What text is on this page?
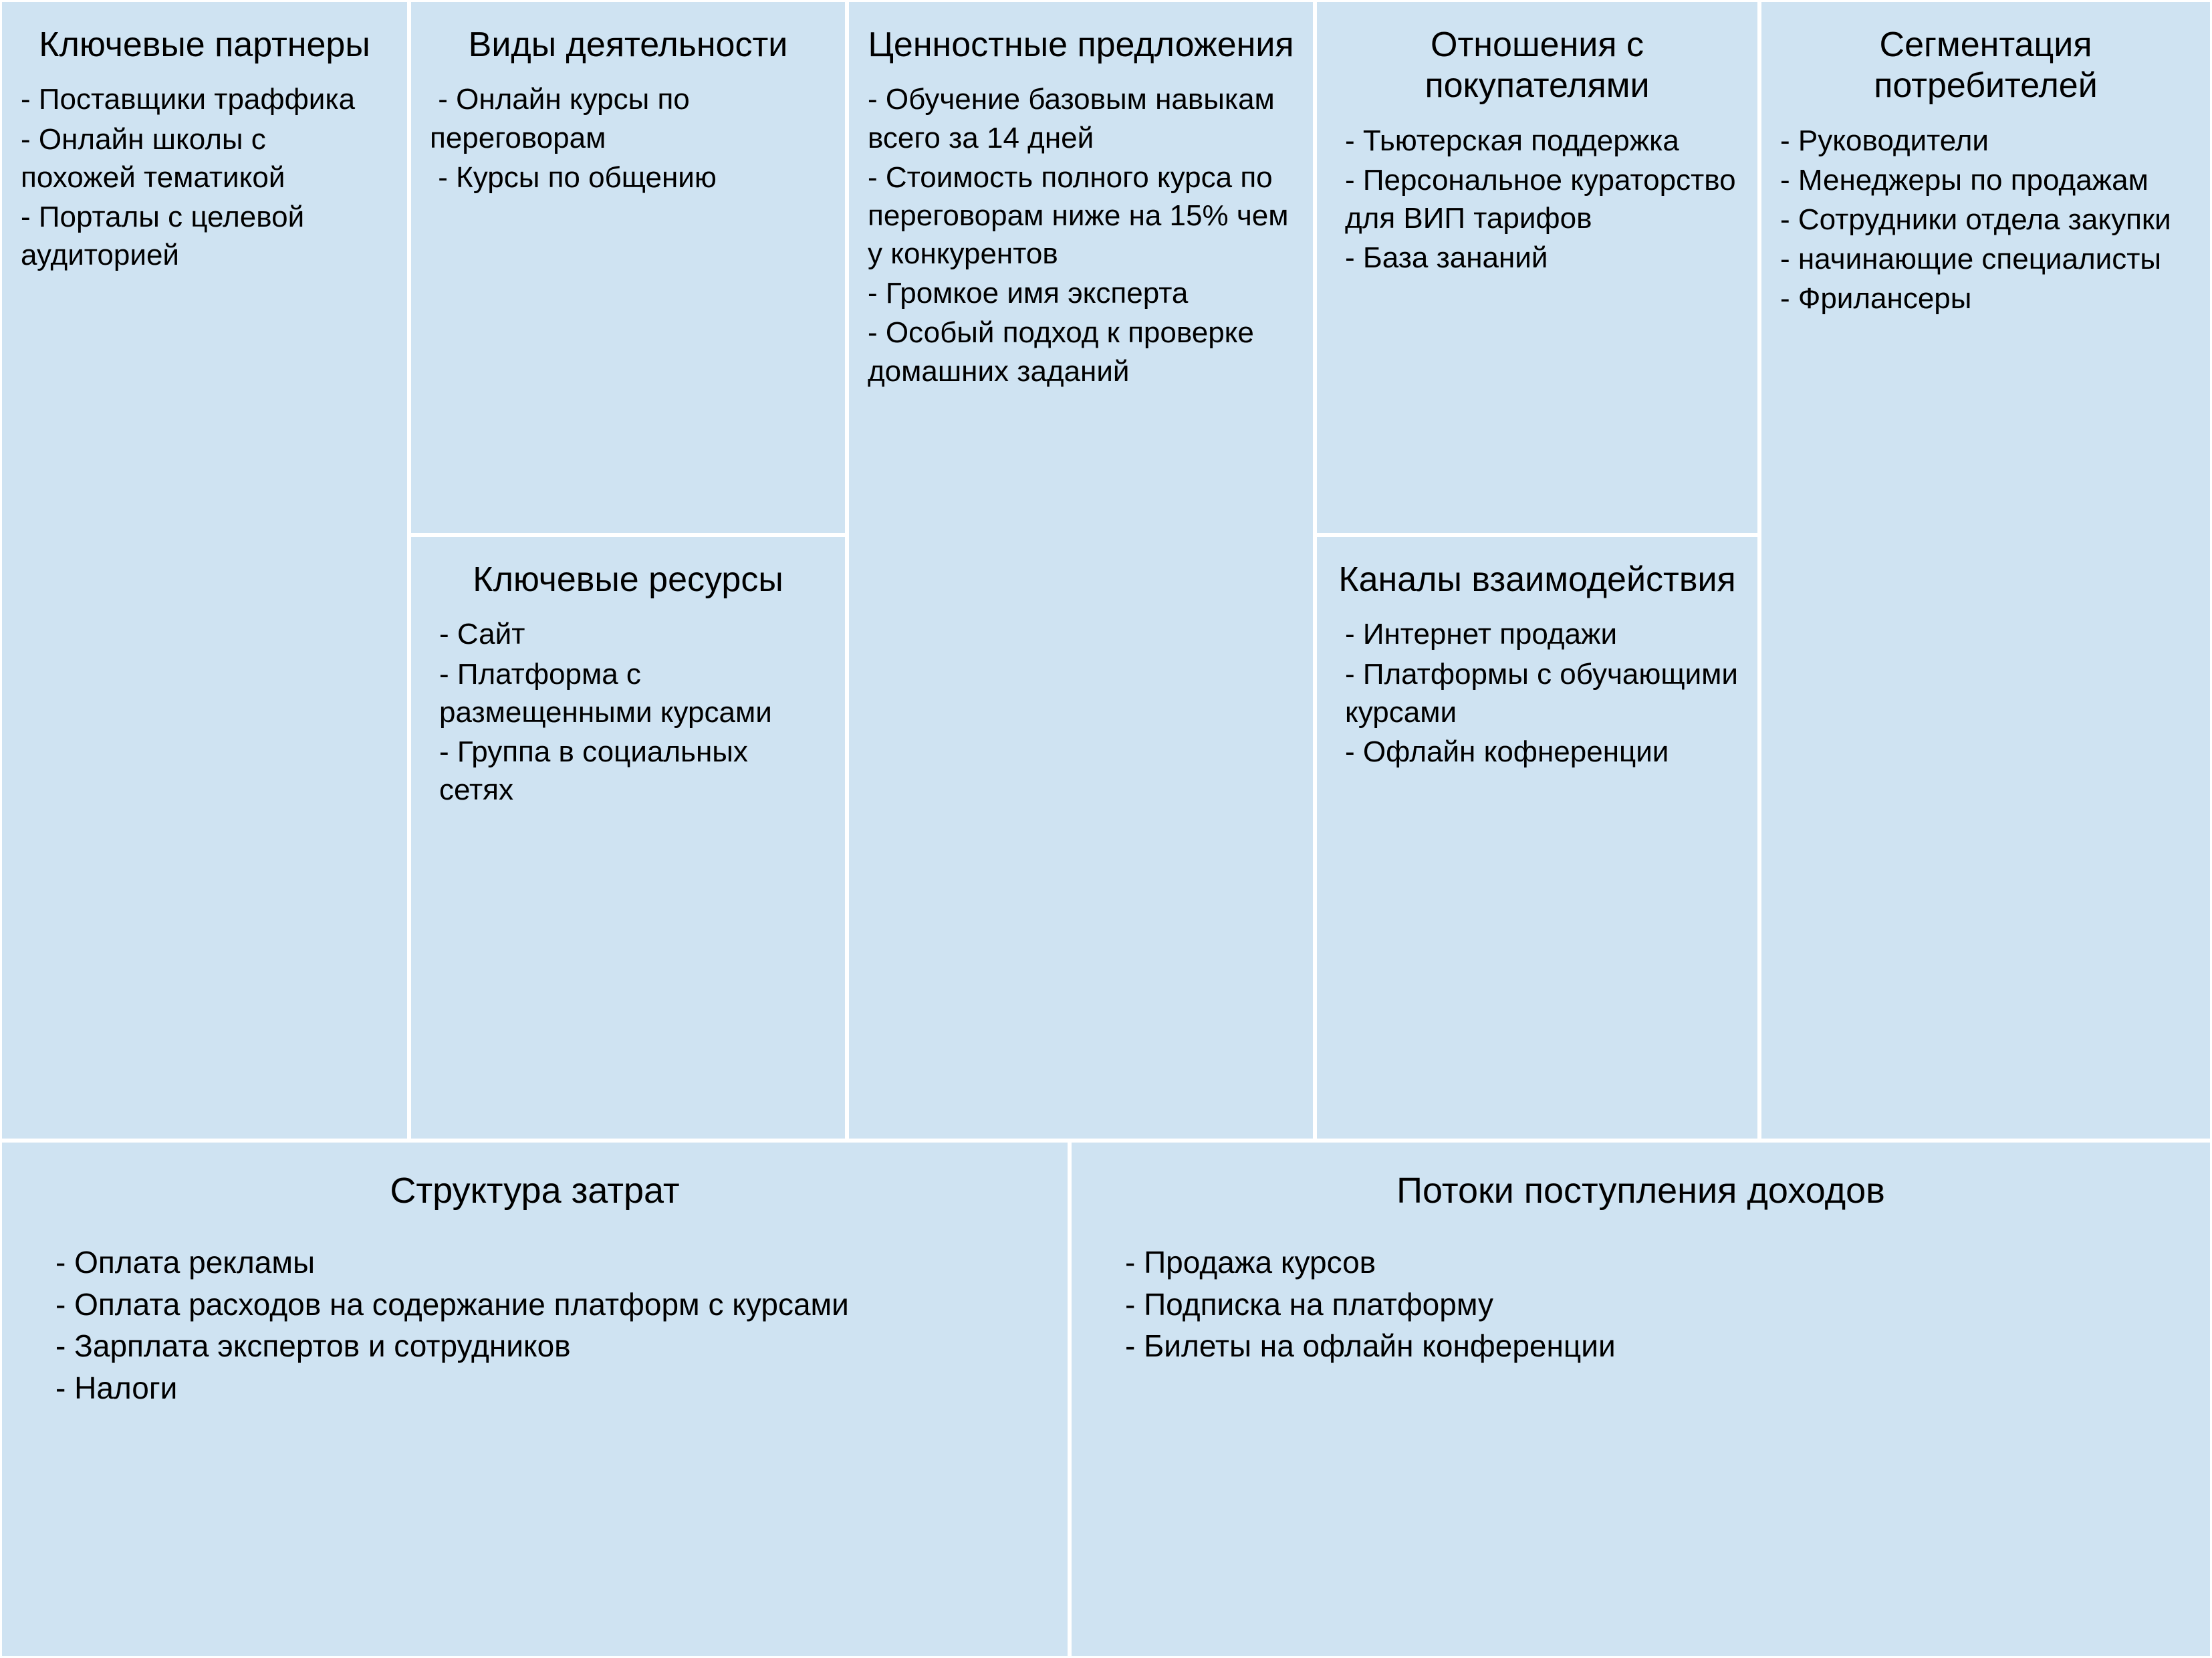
Ключевые партнеры
- Поставщики траффика
- Онлайн школы с похожей тематикой
- Порталы с целевой аудиторией
Виды деятельности
- Онлайн курсы по переговорам
- Курсы по общению
Ключевые ресурсы
- Сайт
- Платформа с размещенными курсами
- Группа в социальных сетях
Ценностные предложения
- Обучение базовым навыкам всего за 14 дней
- Стоимость полного курса по переговорам ниже на 15% чем у конкурентов
- Громкое имя эксперта
- Особый подход к проверке домашних заданий
Отношения с покупателями
- Тьютерская поддержка
- Персональное кураторство для ВИП тарифов
- База зананий
Каналы взаимодействия
- Интернет продажи
- Платформы с обучающими курсами
- Офлайн кофнеренции
Сегментация потребителей
- Руководители
- Менеджеры по продажам
- Сотрудники отдела закупки
- начинающие специалисты
- Фрилансеры
Структура затрат
- Оплата рекламы
- Оплата расходов на содержание платформ с курсами
- Зарплата экспертов и сотрудников
- Налоги
Потоки поступления доходов
- Продажа курсов
- Подписка на платформу
- Билеты на офлайн конференции
